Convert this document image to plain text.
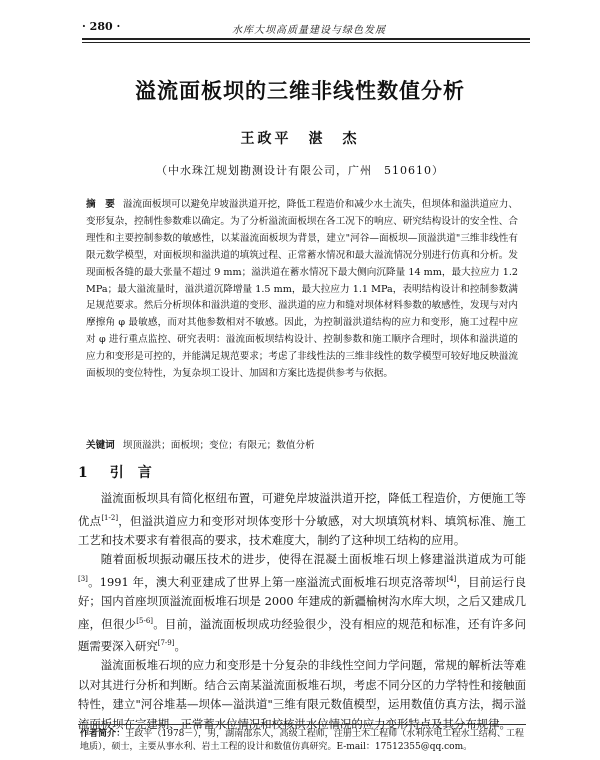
· 280 ·	水库大坝高质量建设与绿色发展
溢流面板坝的三维非线性数值分析
王政平　湛　杰
（中水珠江规划勘测设计有限公司，广州　510610）
摘　要 溢流面板坝可以避免岸坡溢洪道开挖，降低工程造价和减少水土流失，但坝体和溢洪道应力、变形复杂，控制性参数难以确定。为了分析溢流面板坝在各工况下的响应、研究结构设计的安全性、合理性和主要控制参数的敏感性，以某溢流面板坝为背景，建立"河谷—面板坝—顶溢洪道"三维非线性有限元数学模型，对面板坝和溢洪道的填筑过程、正常蓄水情况和最大溢流情况分别进行仿真和分析。发现面板各缝的最大张量不超过 9 mm；溢洪道在蓄水情况下最大侧向沉降量 14 mm，最大拉应力 1.2 MPa；最大溢流量时，溢洪道沉降增量 1.5 mm，最大拉应力 1.1 MPa，表明结构设计和控制参数满足规范要求。然后分析坝体和溢洪道的变形、溢洪道的应力和缝对坝体材料参数的敏感性，发现与对内摩擦角 φ 最敏感，而对其他参数相对不敏感。因此，为控制溢洪道结构的应力和变形，施工过程中应对 φ 进行重点监控、研究表明：溢流面板坝结构设计、控制参数和施工顺序合理时，坝体和溢洪道的应力和变形是可控的，并能满足规范要求；考虑了非线性法的三维非线性的数学模型可较好地反映溢流面板坝的变位特性，为复杂坝工设计、加固和方案比选提供参考与依据。
关键词 坝顶溢洪；面板坝；变位；有限元；数值分析
1 引　言

溢流面板坝具有简化枢纽布置，可避免岸坡溢洪道开挖，降低工程造价，方便施工等优点[1-2]，但溢洪道应力和变形对坝体变形十分敏感，对大坝填筑材料、填筑标准、施工工艺和技术要求有着很高的要求，技术难度大，制约了这种坝工结构的应用。

随着面板坝振动碾压技术的进步，使得在混凝土面板堆石坝上修建溢洪道成为可能[3]。1991 年，澳大利亚建成了世界上第一座溢流式面板堆石坝克洛蒂坝[4]，目前运行良好；国内首座坝顶溢流面板堆石坝是 2000 年建成的新疆榆树沟水库大坝，之后又建成几座，但很少[5-6]。目前，溢流面板坝成功经验很少，没有相应的规范和标准，还有许多问题需要深入研究[7-9]。

溢流面板堆石坝的应力和变形是十分复杂的非线性空间力学问题，常规的解析法等难以对其进行分析和判断。结合云南某溢流面板堆石坝，考虑不同分区的力学特性和接触面特性，建立"河谷堆基—坝体—溢洪道"三维有限元数值模型，运用数值仿真方法，揭示溢流面板坝在完建期、正常蓄水位情况和校核洪水位情况的应力变形特点及其分布规律。

作者简介：王政平（1978－），男，湖南邵东人，高级工程师，注册土木工程师（水利水电工程水工结构、工程地质），硕士，主要从事水利、岩土工程的设计和数值仿真研究。E-mail：17512355@qq.com。
